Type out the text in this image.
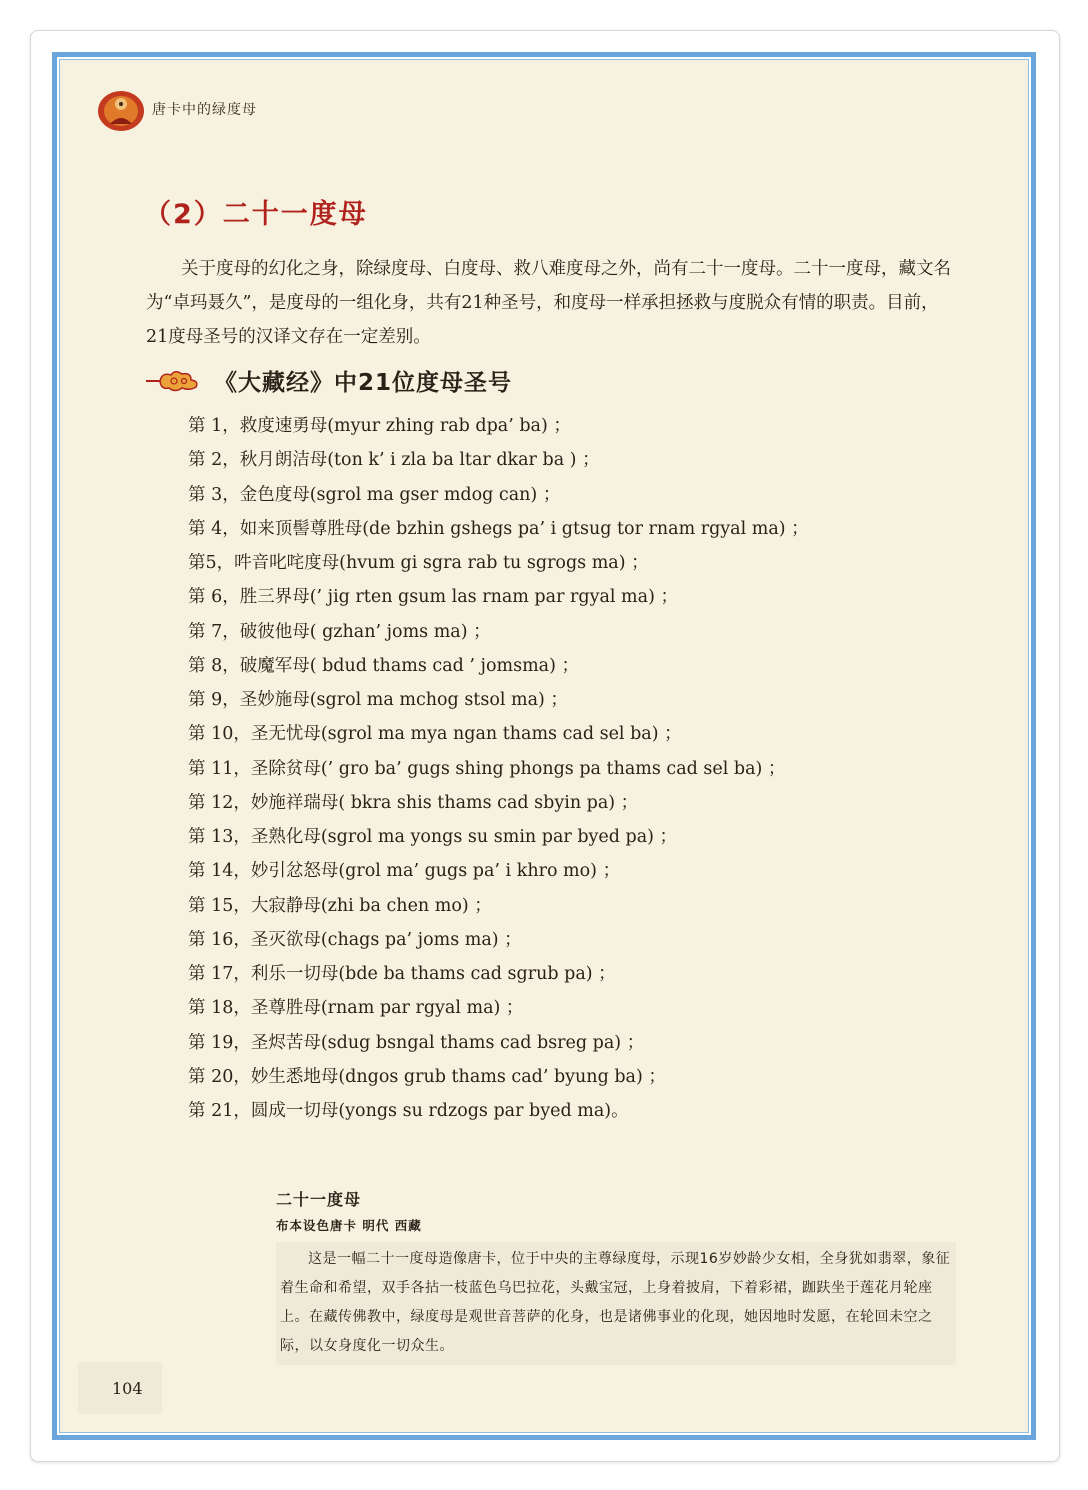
唐卡中的绿度母
（2）二十一度母

关于度母的幻化之身，除绿度母、白度母、救八难度母之外，尚有二十一度母。二十一度母，藏文名为“卓玛聂久”，是度母的一组化身，共有21种圣号，和度母一样承担拯救与度脱众有情的职责。目前，21度母圣号的汉译文存在一定差别。

《大藏经》中21位度母圣号
第 1，救度速勇母(myur zhing rab dpa’ ba) ；
第 2，秋月朗洁母(ton k’ i zla ba ltar dkar ba ) ；
第 3，金色度母(sgrol ma gser mdog can) ；
第 4，如来顶髻尊胜母(de bzhin gshegs pa’ i gtsug tor rnam rgyal ma) ；
第5，吽音叱咤度母(hvum gi sgra rab tu sgrogs ma) ；
第 6，胜三界母(’ jig rten gsum las rnam par rgyal ma) ；
第 7，破彼他母( gzhan’ joms ma) ；
第 8，破魔军母( bdud thams cad ’ jomsma) ；
第 9，圣妙施母(sgrol ma mchog stsol ma) ；
第 10，圣无忧母(sgrol ma mya ngan thams cad sel ba) ；
第 11，圣除贫母(’ gro ba’ gugs shing phongs pa thams cad sel ba) ；
第 12，妙施祥瑞母( bkra shis thams cad sbyin pa) ；
第 13，圣熟化母(sgrol ma yongs su smin par byed pa) ；
第 14，妙引忿怒母(grol ma’ gugs pa’ i khro mo) ；
第 15，大寂静母(zhi ba chen mo) ；
第 16，圣灭欲母(chags pa’ joms ma) ；
第 17，利乐一切母(bde ba thams cad sgrub pa) ；
第 18，圣尊胜母(rnam par rgyal ma) ；
第 19，圣烬苦母(sdug bsngal thams cad bsreg pa) ；
第 20，妙生悉地母(dngos grub thams cad’ byung ba) ；
第 21，圆成一切母(yongs su rdzogs par byed ma)。
二十一度母
布本设色唐卡 明代 西藏
这是一幅二十一度母造像唐卡，位于中央的主尊绿度母，示现16岁妙龄少女相，全身犹如翡翠，象征着生命和希望，双手各拈一枝蓝色乌巴拉花，头戴宝冠，上身着披肩，下着彩裙，跏趺坐于莲花月轮座上。在藏传佛教中，绿度母是观世音菩萨的化身，也是诸佛事业的化现，她因地时发愿，在轮回未空之际，以女身度化一切众生。
104
